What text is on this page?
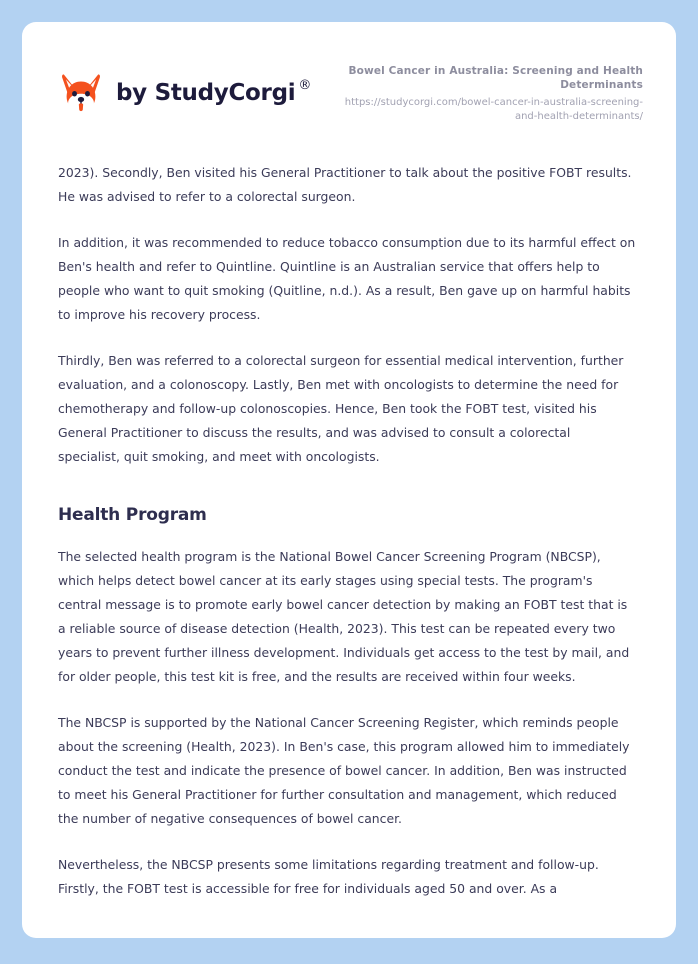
by StudyCorgi ®
Bowel Cancer in Australia: Screening and Health Determinants
https://studycorgi.com/bowel-cancer-in-australia-screening-and-health-determinants/

2023). Secondly, Ben visited his General Practitioner to talk about the positive FOBT results. He was advised to refer to a colorectal surgeon.

In addition, it was recommended to reduce tobacco consumption due to its harmful effect on Ben's health and refer to Quintline. Quintline is an Australian service that offers help to people who want to quit smoking (Quitline, n.d.). As a result, Ben gave up on harmful habits to improve his recovery process.

Thirdly, Ben was referred to a colorectal surgeon for essential medical intervention, further evaluation, and a colonoscopy. Lastly, Ben met with oncologists to determine the need for chemotherapy and follow-up colonoscopies. Hence, Ben took the FOBT test, visited his General Practitioner to discuss the results, and was advised to consult a colorectal specialist, quit smoking, and meet with oncologists.

Health Program

The selected health program is the National Bowel Cancer Screening Program (NBCSP), which helps detect bowel cancer at its early stages using special tests. The program's central message is to promote early bowel cancer detection by making an FOBT test that is a reliable source of disease detection (Health, 2023). This test can be repeated every two years to prevent further illness development. Individuals get access to the test by mail, and for older people, this test kit is free, and the results are received within four weeks.

The NBCSP is supported by the National Cancer Screening Register, which reminds people about the screening (Health, 2023). In Ben's case, this program allowed him to immediately conduct the test and indicate the presence of bowel cancer. In addition, Ben was instructed to meet his General Practitioner for further consultation and management, which reduced the number of negative consequences of bowel cancer.

Nevertheless, the NBCSP presents some limitations regarding treatment and follow-up. Firstly, the FOBT test is accessible for free for individuals aged 50 and over. As a
